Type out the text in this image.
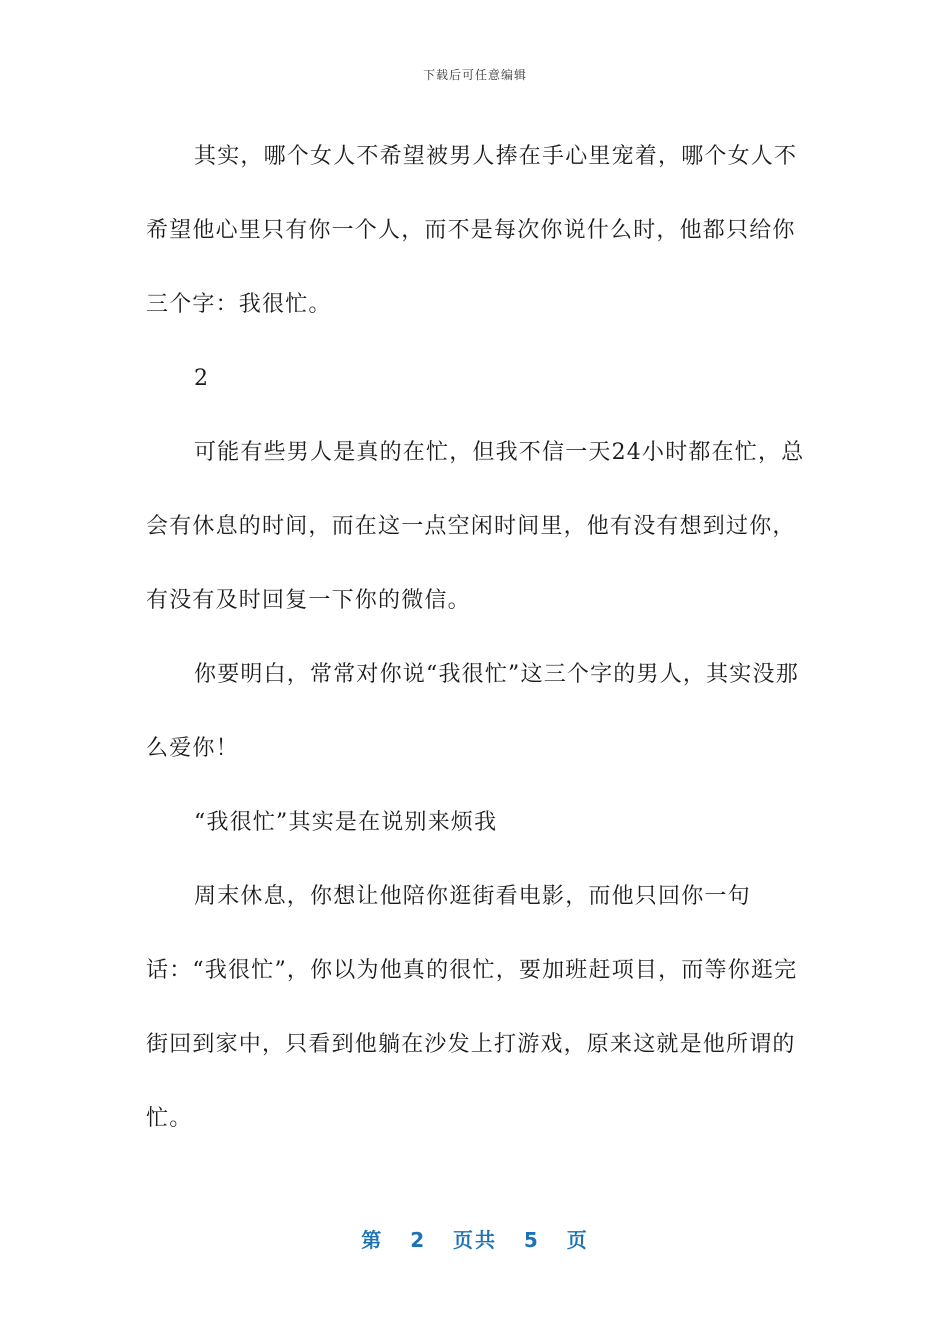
下载后可任意编辑

其实，哪个女人不希望被男人捧在手心里宠着，哪个女人不希望他心里只有你一个人，而不是每次你说什么时，他都只给你三个字：我很忙。

2

可能有些男人是真的在忙，但我不信一天24小时都在忙，总会有休息的时间，而在这一点空闲时间里，他有没有想到过你，有没有及时回复一下你的微信。

你要明白，常常对你说“我很忙”这三个字的男人，其实没那么爱你！

“我很忙”其实是在说别来烦我

周末休息，你想让他陪你逛街看电影，而他只回你一句话：“我很忙”，你以为他真的很忙，要加班赶项目，而等你逛完街回到家中，只看到他躺在沙发上打游戏，原来这就是他所谓的忙。

第 2 页共 5 页
